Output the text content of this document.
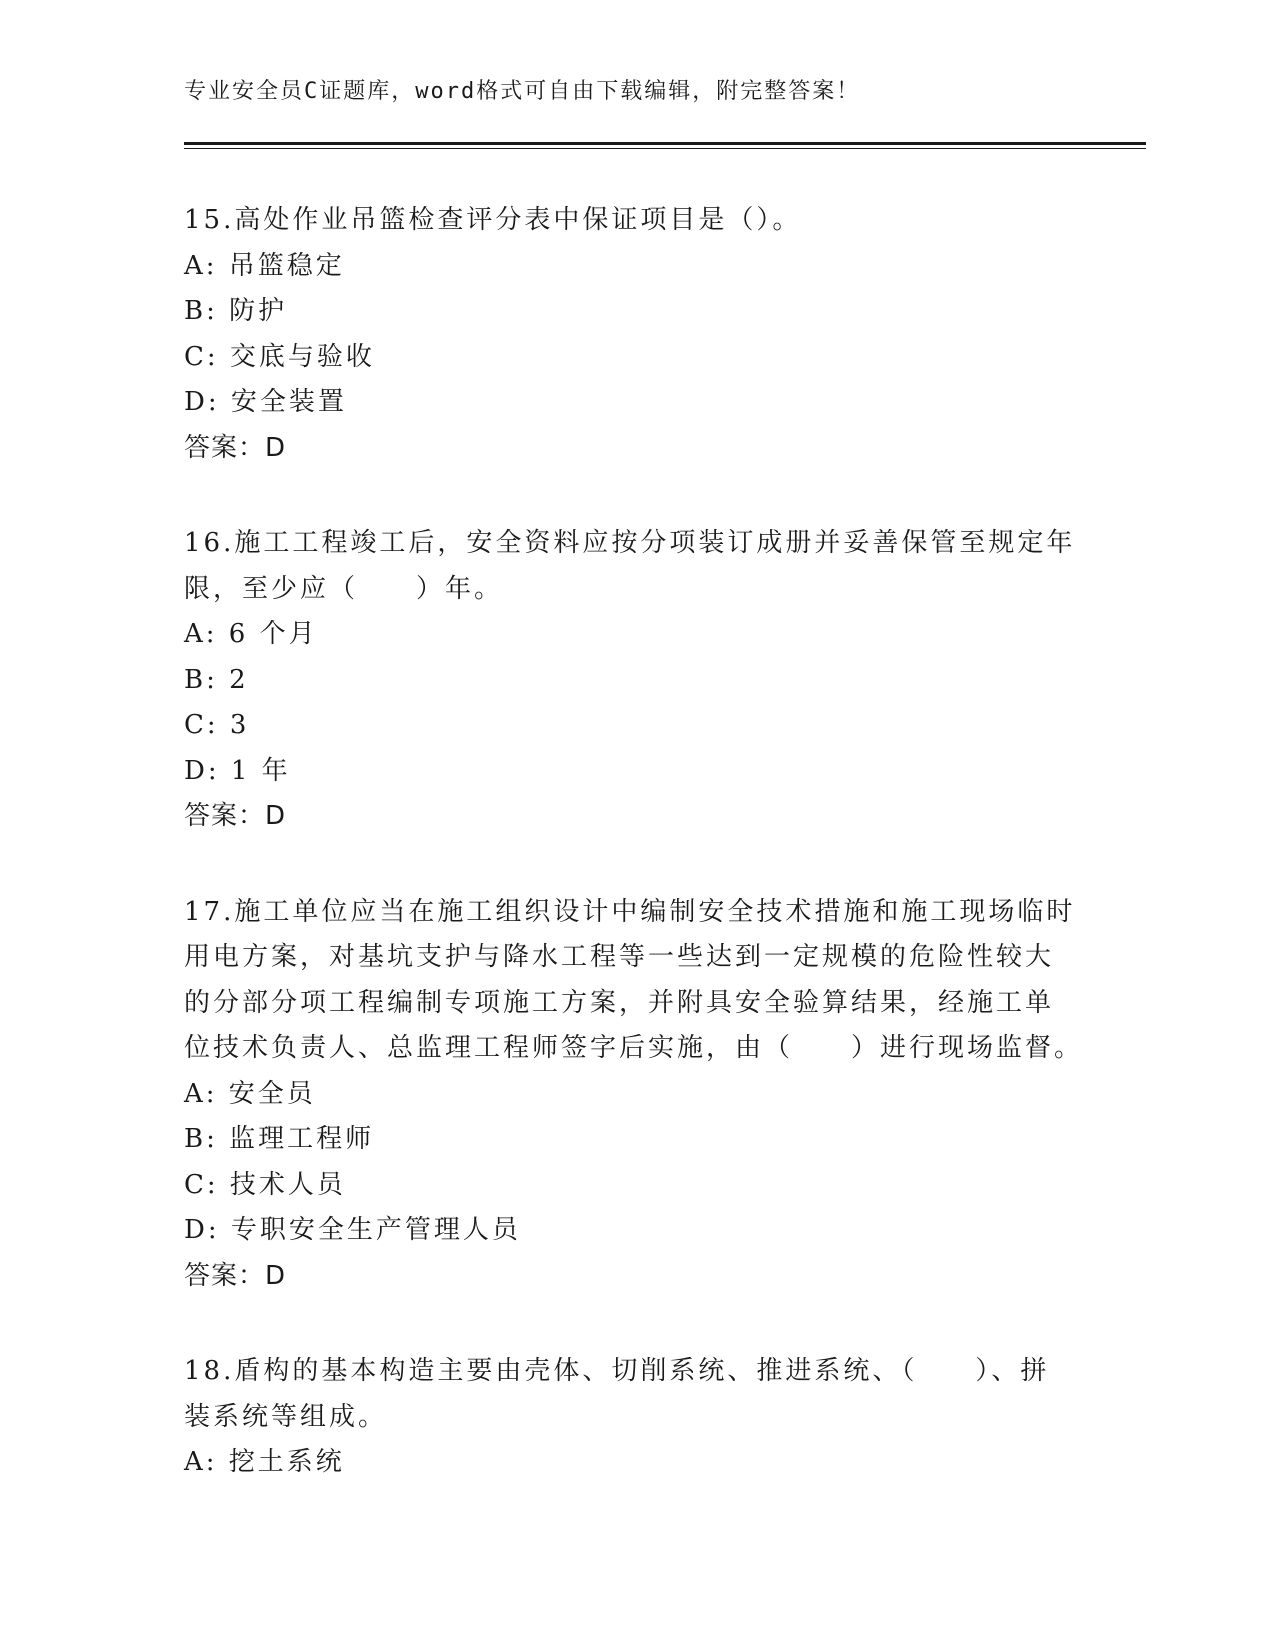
专业安全员C证题库，word格式可自由下载编辑，附完整答案！
15.高处作业吊篮检查评分表中保证项目是（）。
A: 吊篮稳定
B: 防护
C: 交底与验收
D: 安全装置
答案：D
16.施工工程竣工后，安全资料应按分项装订成册并妥善保管至规定年
限，至少应（　　）年。
A: 6 个月
B: 2
C: 3
D: 1 年
答案：D
17.施工单位应当在施工组织设计中编制安全技术措施和施工现场临时
用电方案，对基坑支护与降水工程等一些达到一定规模的危险性较大
的分部分项工程编制专项施工方案，并附具安全验算结果，经施工单
位技术负责人、总监理工程师签字后实施，由（　　）进行现场监督。
A: 安全员
B: 监理工程师
C: 技术人员
D: 专职安全生产管理人员
答案：D
18.盾构的基本构造主要由壳体、切削系统、推进系统、（　　）、拼
装系统等组成。
A: 挖土系统
